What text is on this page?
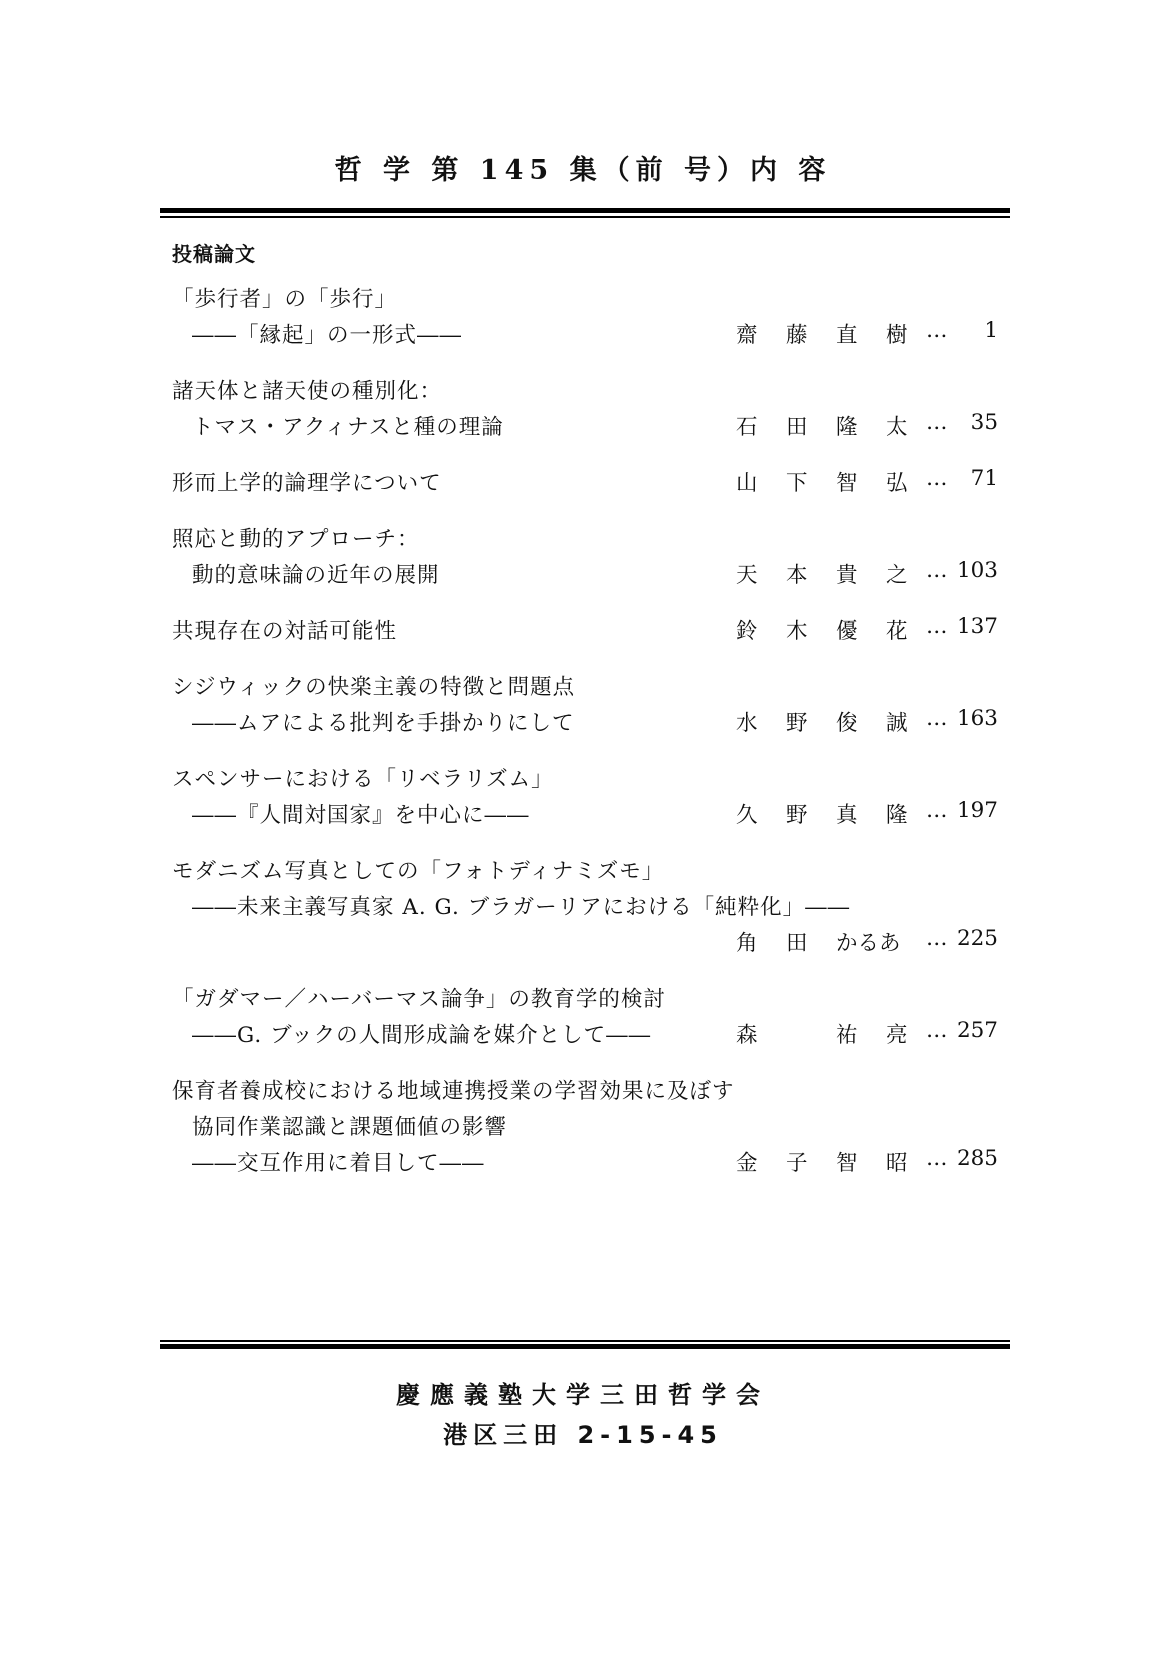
哲 学 第 145 集（前 号）内 容
投稿論文
「歩行者」の「歩行」
――「縁起」の一形式――	齋	藤	直	樹 …	1
諸天体と諸天使の種別化：
トマス・アクィナスと種の理論	石	田	隆	太 …	35
形而上学的論理学について	山	下	智	弘 …	71
照応と動的アプローチ：
動的意味論の近年の展開	天	本	貴	之 … 103
共現存在の対話可能性	鈴	木	優	花 … 137
シジウィックの快楽主義の特徴と問題点
――ムアによる批判を手掛かりにして	水	野	俊	誠 … 163
スペンサーにおける「リベラリズム」
――『人間対国家』を中心に――	久	野	真	隆 … 197
モダニズム写真としての「フォトディナミズモ」
――未来主義写真家 A. G. ブラガーリアにおける「純粋化」――
角	田	かるあ	… 225
「ガダマー／ハーバーマス論争」の教育学的検討
――G. ブックの人間形成論を媒介として――	森	祐	亮 … 257
保育者養成校における地域連携授業の学習効果に及ぼす
協同作業認識と課題価値の影響
――交互作用に着目して――	金	子	智	昭 … 285
慶應義塾大学三田哲学会
港区三田 2-15-45
